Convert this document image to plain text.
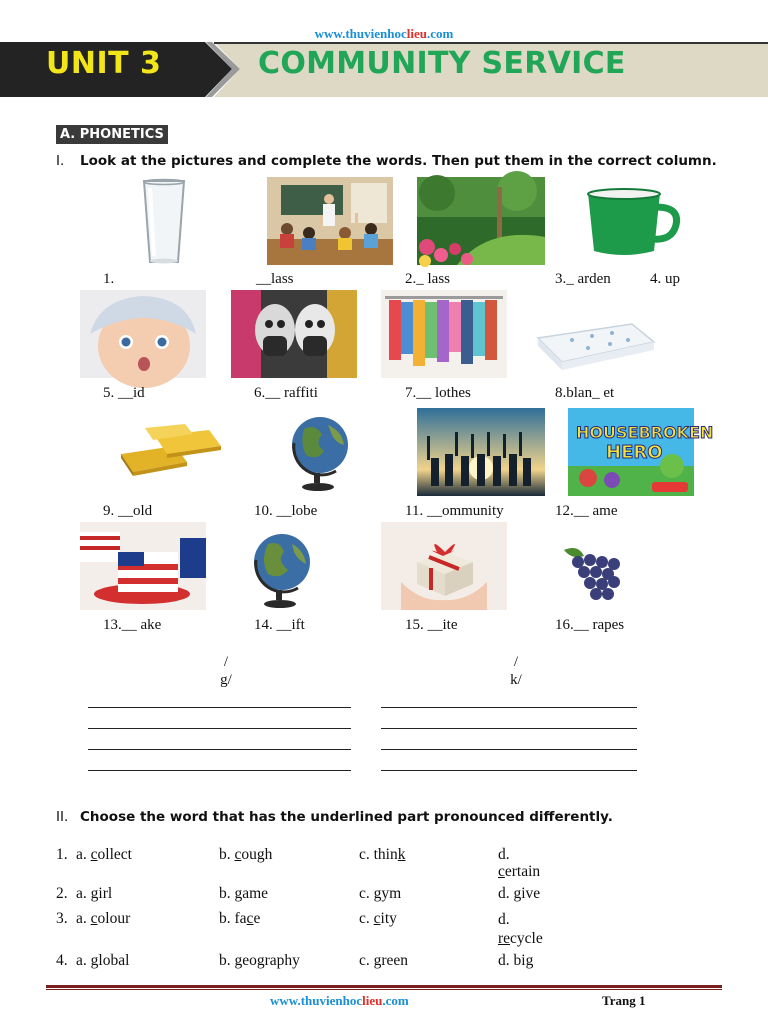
www.thuvienhoclieu.com
UNIT 3	COMMUNITY SERVICE
A. PHONETICS
I. Look at the pictures and complete the words. Then put them in the correct column.
1.	__lass	2._ lass	3._ arden	4. up
5. __id	6.__ raffiti	7.__ lothes	8.blan_ et
HOUSEBROKEN
HERO
9. __old	10. __lobe	11. __ommunity	12.__ ame
13.__ ake	14. __ift	15. __ite	16.__ rapes
/
g/
/
k/
II. Choose the word that has the underlined part pronounced differently.
1. a. collect	b. cough	c. think	d.
certain
2. a. girl	b. game	c. gym	d. give
3. a. colour	b. face	c. city	d.
recycle
4. a. global	b. geography	c. green	d. big
www.thuvienhoclieu.com	Trang 1
